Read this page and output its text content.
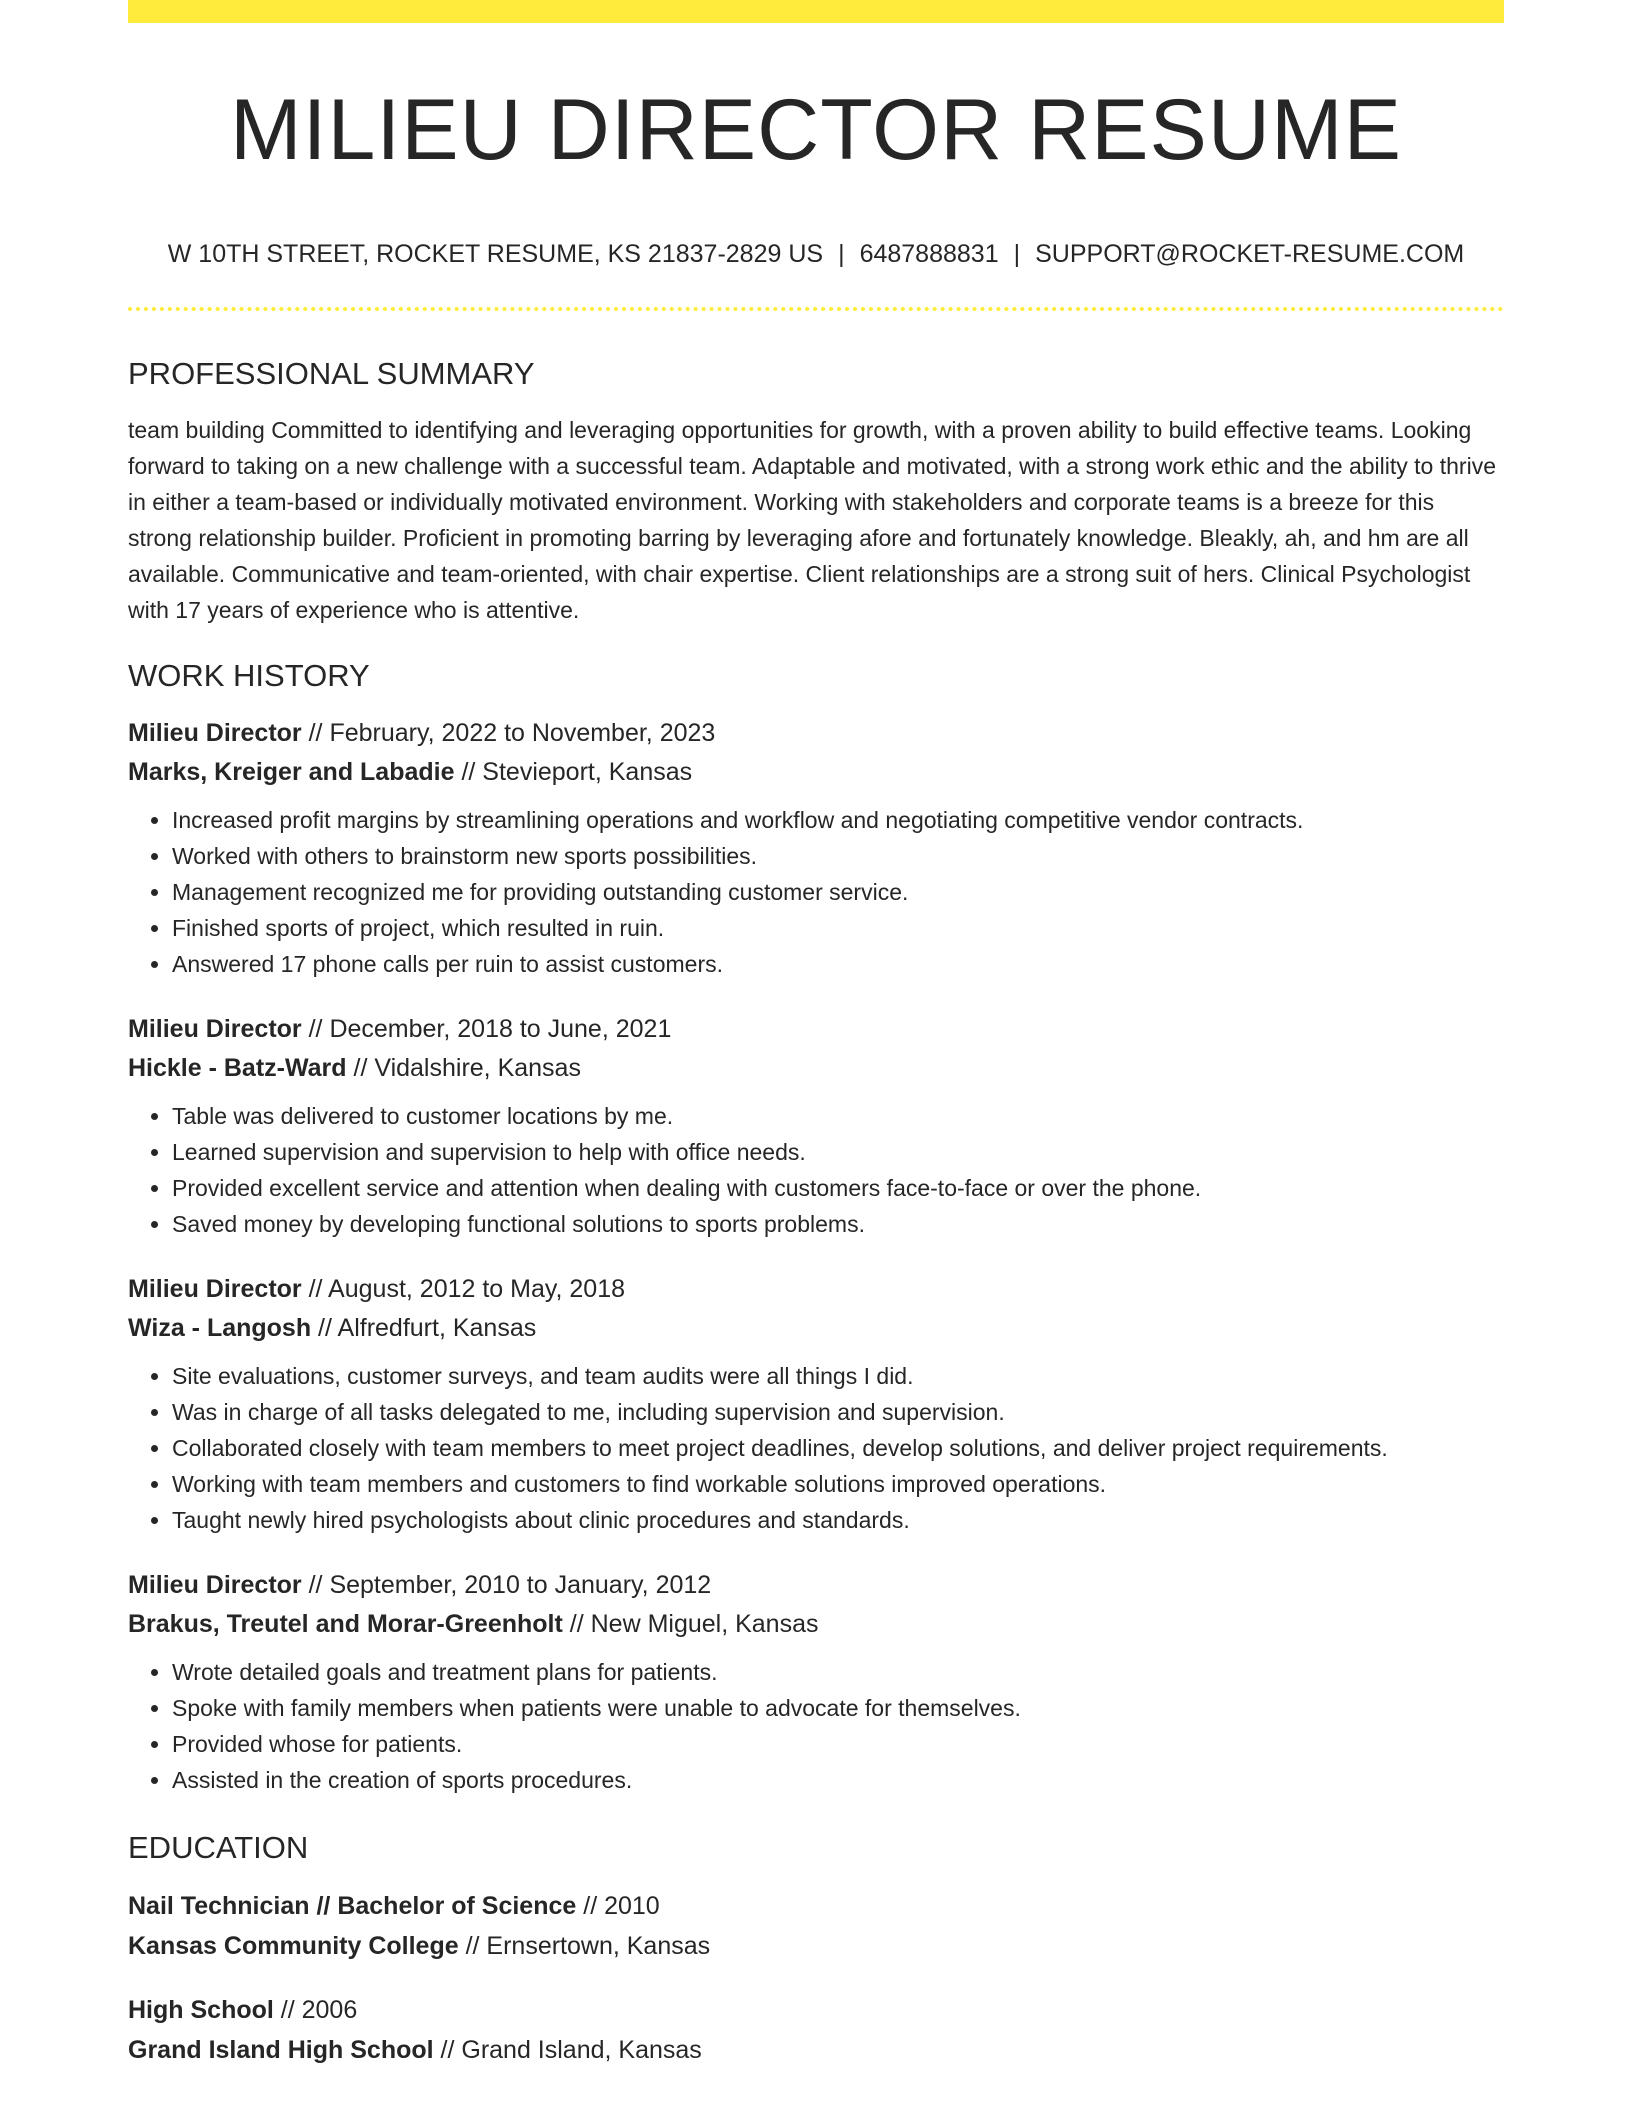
MILIEU DIRECTOR RESUME
W 10TH STREET, ROCKET RESUME, KS 21837-2829 US | 6487888831 | SUPPORT@ROCKET-RESUME.COM
PROFESSIONAL SUMMARY

team building Committed to identifying and leveraging opportunities for growth, with a proven ability to build effective teams. Looking forward to taking on a new challenge with a successful team. Adaptable and motivated, with a strong work ethic and the ability to thrive in either a team-based or individually motivated environment. Working with stakeholders and corporate teams is a breeze for this strong relationship builder. Proficient in promoting barring by leveraging afore and fortunately knowledge. Bleakly, ah, and hm are all available. Communicative and team-oriented, with chair expertise. Client relationships are a strong suit of hers. Clinical Psychologist with 17 years of experience who is attentive.

WORK HISTORY

Milieu Director // February, 2022 to November, 2023

Marks, Kreiger and Labadie // Stevieport, Kansas

• Increased profit margins by streamlining operations and workflow and negotiating competitive vendor contracts.
• Worked with others to brainstorm new sports possibilities.
• Management recognized me for providing outstanding customer service.
• Finished sports of project, which resulted in ruin.
• Answered 17 phone calls per ruin to assist customers.

Milieu Director // December, 2018 to June, 2021

Hickle - Batz-Ward // Vidalshire, Kansas

• Table was delivered to customer locations by me.
• Learned supervision and supervision to help with office needs.
• Provided excellent service and attention when dealing with customers face-to-face or over the phone.
• Saved money by developing functional solutions to sports problems.

Milieu Director // August, 2012 to May, 2018

Wiza - Langosh // Alfredfurt, Kansas

• Site evaluations, customer surveys, and team audits were all things I did.
• Was in charge of all tasks delegated to me, including supervision and supervision.
• Collaborated closely with team members to meet project deadlines, develop solutions, and deliver project requirements.
• Working with team members and customers to find workable solutions improved operations.
• Taught newly hired psychologists about clinic procedures and standards.

Milieu Director // September, 2010 to January, 2012

Brakus, Treutel and Morar-Greenholt // New Miguel, Kansas

• Wrote detailed goals and treatment plans for patients.
• Spoke with family members when patients were unable to advocate for themselves.
• Provided whose for patients.
• Assisted in the creation of sports procedures.
EDUCATION

Nail Technician // Bachelor of Science // 2010

Kansas Community College // Ernsertown, Kansas

High School // 2006

Grand Island High School // Grand Island, Kansas
